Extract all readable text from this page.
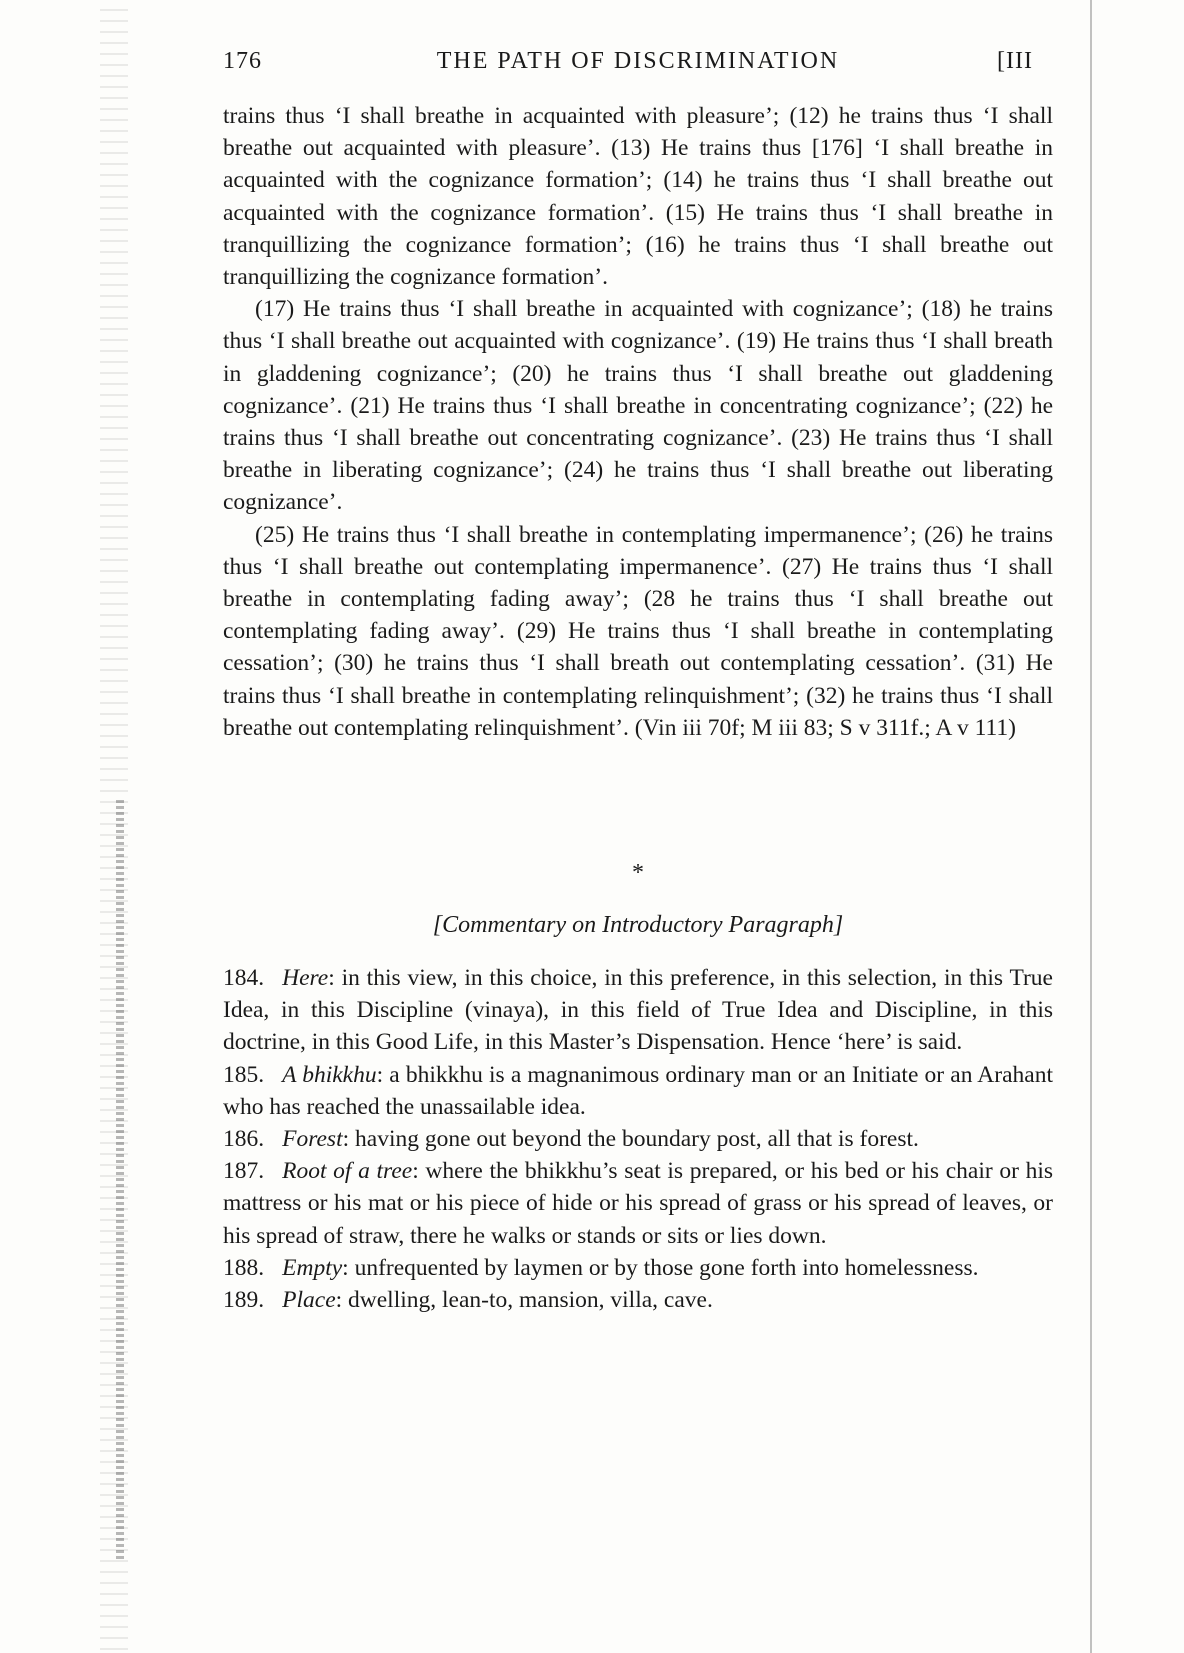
176	THE PATH OF DISCRIMINATION	[III

trains thus ‘I shall breathe in acquainted with pleasure’; (12) he trains thus ‘I shall breathe out acquainted with pleasure’. (13) He trains thus [176] ‘I shall breathe in acquainted with the cognizance formation’; (14) he trains thus ‘I shall breathe out acquainted with the cognizance formation’. (15) He trains thus ‘I shall breathe in tranquillizing the cognizance formation’; (16) he trains thus ‘I shall breathe out tranquillizing the cognizance formation’.

(17) He trains thus ‘I shall breathe in acquainted with cognizance’; (18) he trains thus ‘I shall breathe out acquainted with cognizance’. (19) He trains thus ‘I shall breath in gladdening cognizance’; (20) he trains thus ‘I shall breathe out gladdening cognizance’. (21) He trains thus ‘I shall breathe in concentrating cognizance’; (22) he trains thus ‘I shall breathe out concentrating cognizance’. (23) He trains thus ‘I shall breathe in liberating cognizance’; (24) he trains thus ‘I shall breathe out liberating cognizance’.

(25) He trains thus ‘I shall breathe in contemplating impermanence’; (26) he trains thus ‘I shall breathe out contemplating impermanence’. (27) He trains thus ‘I shall breathe in contemplating fading away’; (28 he trains thus ‘I shall breathe out contemplating fading away’. (29) He trains thus ‘I shall breathe in contemplating cessation’; (30) he trains thus ‘I shall breath out contemplating cessation’. (31) He trains thus ‘I shall breathe in contemplating relinquishment’; (32) he trains thus ‘I shall breathe out contemplating relinquishment’. (Vin iii 70f; M iii 83; S v 311f.; A v 111)

*
[Commentary on Introductory Paragraph]

184. Here: in this view, in this choice, in this preference, in this selection, in this True Idea, in this Discipline (vinaya), in this field of True Idea and Discipline, in this doctrine, in this Good Life, in this Master’s Dispensation. Hence ‘here’ is said.

185. A bhikkhu: a bhikkhu is a magnanimous ordinary man or an Initiate or an Arahant who has reached the unassailable idea.

186. Forest: having gone out beyond the boundary post, all that is forest.

187. Root of a tree: where the bhikkhu’s seat is prepared, or his bed or his chair or his mattress or his mat or his piece of hide or his spread of grass or his spread of leaves, or his spread of straw, there he walks or stands or sits or lies down.

188. Empty: unfrequented by laymen or by those gone forth into homelessness.

189. Place: dwelling, lean-to, mansion, villa, cave.
